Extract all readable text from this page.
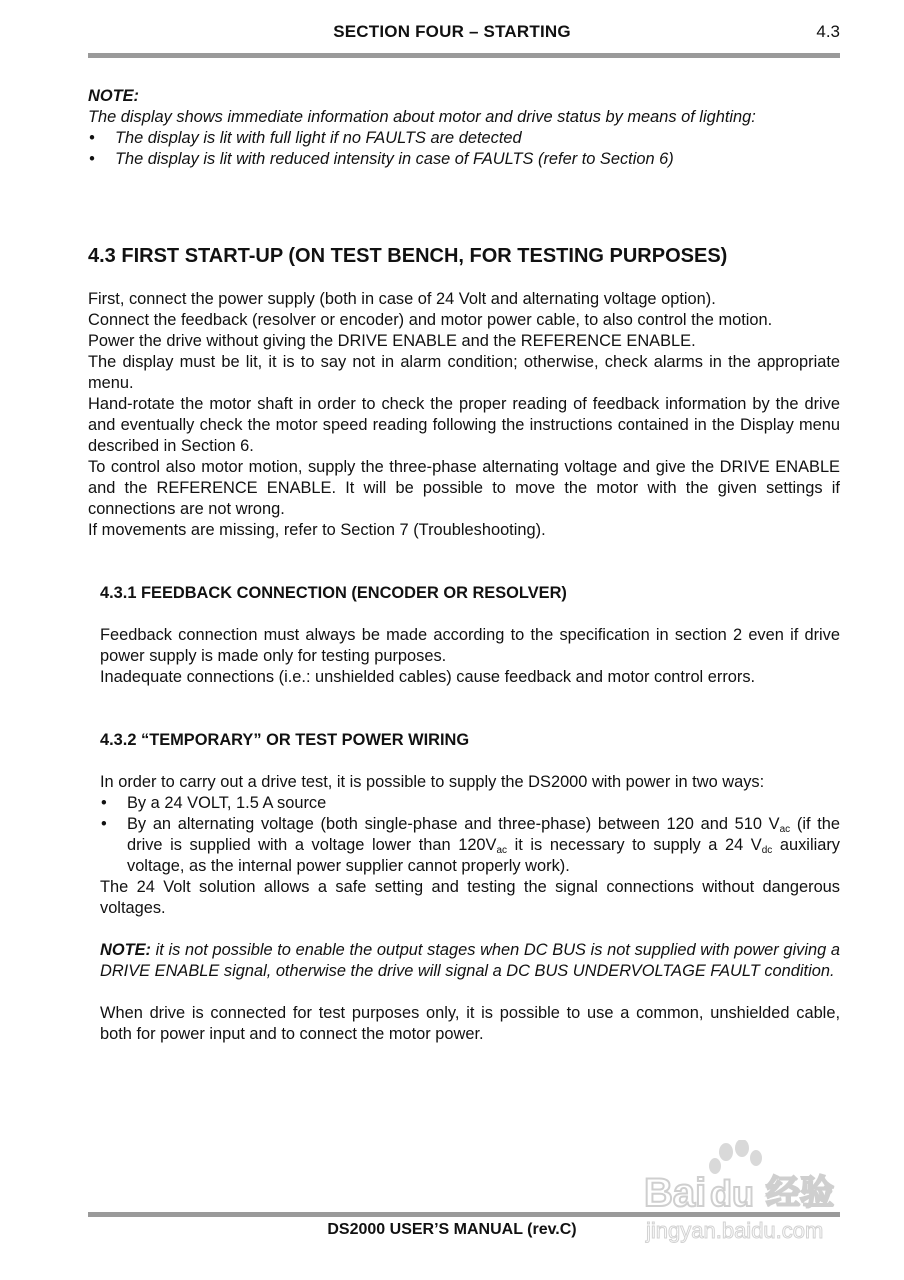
SECTION FOUR – STARTING	4.3

NOTE:

The display shows immediate information about motor and drive status by means of lighting:

• The display is lit with full light if no FAULTS are detected
• The display is lit with reduced intensity in case of FAULTS (refer to Section 6)
4.3 FIRST START-UP (ON TEST BENCH, FOR TESTING PURPOSES)

First, connect the power supply (both in case of 24 Volt and alternating voltage option).

Connect the feedback (resolver or encoder) and motor power cable, to also control the motion.

Power the drive without giving the DRIVE ENABLE and the REFERENCE ENABLE.

The display must be lit, it is to say not in alarm condition; otherwise, check alarms in the appropriate menu.

Hand-rotate the motor shaft in order to check the proper reading of feedback information by the drive and eventually check the motor speed reading following the instructions contained in the Display menu described in Section 6.

To control also motor motion, supply the three-phase alternating voltage and give the DRIVE ENABLE and the REFERENCE ENABLE. It will be possible to move the motor with the given settings if connections are not wrong.

If movements are missing, refer to Section 7 (Troubleshooting).

4.3.1 FEEDBACK CONNECTION (ENCODER OR RESOLVER)

Feedback connection must always be made according to the specification in section 2 even if drive power supply is made only for testing purposes.

Inadequate connections (i.e.: unshielded cables) cause feedback and motor control errors.

4.3.2 “TEMPORARY” OR TEST POWER WIRING

In order to carry out a drive test, it is possible to supply the DS2000 with power in two ways:

• By a 24 VOLT, 1.5 A source
• By an alternating voltage (both single-phase and three-phase) between 120 and 510 $V_{ac}$ (if the drive is supplied with a voltage lower than $120V_{ac}$ it is necessary to supply a 24 $V_{dc}$ auxiliary voltage, as the internal power supplier cannot properly work).

The 24 Volt solution allows a safe setting and testing the signal connections without dangerous voltages.

NOTE: it is not possible to enable the output stages when DC BUS is not supplied with power giving a DRIVE ENABLE signal, otherwise the drive will signal a DC BUS UNDERVOLTAGE FAULT condition.

When drive is connected for test purposes only, it is possible to use a common, unshielded cable, both for power input and to connect the motor power.

DS2000 USER’S MANUAL (rev.C)
Bai du 经验
jingyan.baidu.com
